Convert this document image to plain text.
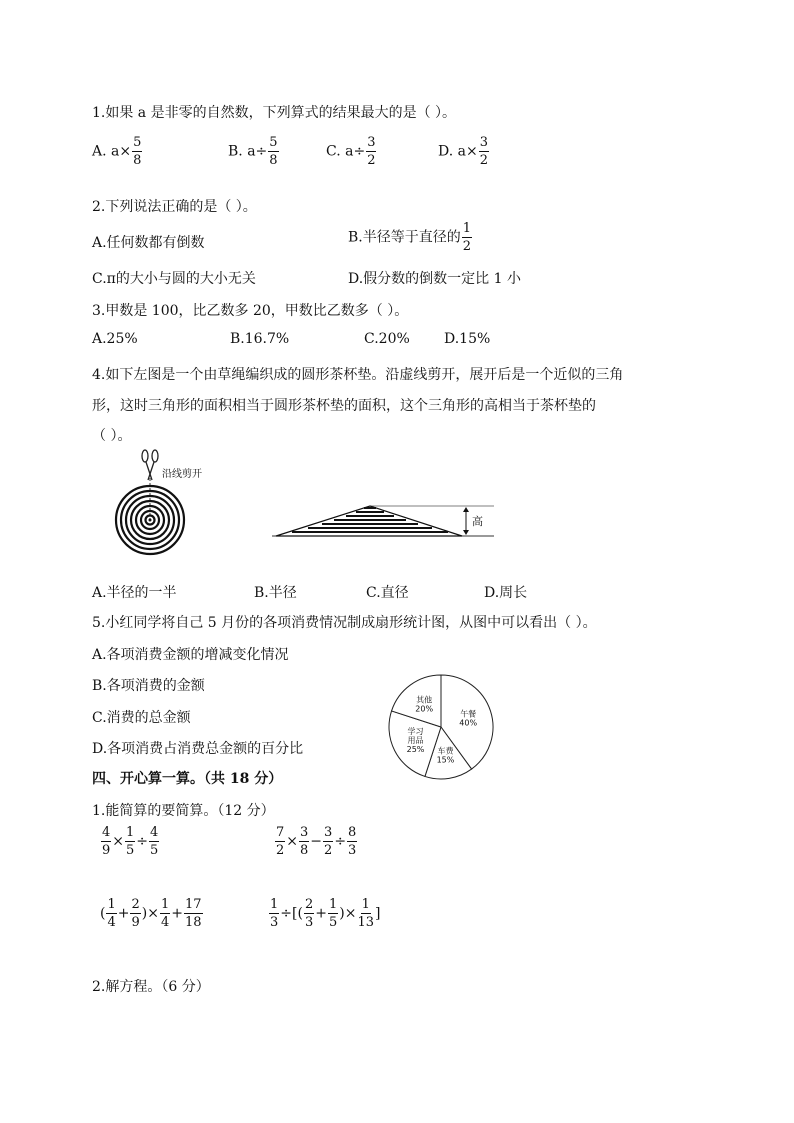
1.如果 a 是非零的自然数，下列算式的结果最大的是（ ）。
A. $a\times \frac{5}{8}$	B. $a\div \frac{5}{8}$	C. $a\div \frac{3}{2}$	D. $a\times \frac{3}{2}$
2.下列说法正确的是（ ）。
A.任何数都有倒数	B.半径等于直径的 $\frac{1}{2}$
C.π的大小与圆的大小无关	D.假分数的倒数一定比 1 小
3.甲数是 100，比乙数多 20，甲数比乙数多（ ）。
A.25%	B.16.7%	C.20% D.15%
4.如下左图是一个由草绳编织成的圆形茶杯垫。沿虚线剪开，展开后是一个近似的三角
形，这时三角形的面积相当于圆形茶杯垫的面积，这个三角形的高相当于茶杯垫的
（ ）。
沿线剪开
高
A.半径的一半	B.半径	C.直径	D.周长
5.小红同学将自己 5 月份的各项消费情况制成扇形统计图，从图中可以看出（ ）。
A.各项消费金额的增减变化情况
B.各项消费的金额
C.消费的总金额
D.各项消费占消费总金额的百分比
午餐
40%
车费
15%
学习
用品
25%
其他
20%
四、开心算一算。（共 18 分）
1.能简算的要简算。（12 分）
$\frac{4}{9} \times \frac{1}{5} \div \frac{4}{5}$	$\frac{7}{2} \times \frac{3}{8} - \frac{3}{2} \div \frac{8}{3}$
( $\frac{1}{4} + \frac{2}{9}$ )× $\frac{1}{4} + \frac{17}{18}$	$\frac{1}{3}$ ÷[( $\frac{2}{3} + \frac{1}{5}$ )× $\frac{1}{13}$ ]
2.解方程。（6 分）
